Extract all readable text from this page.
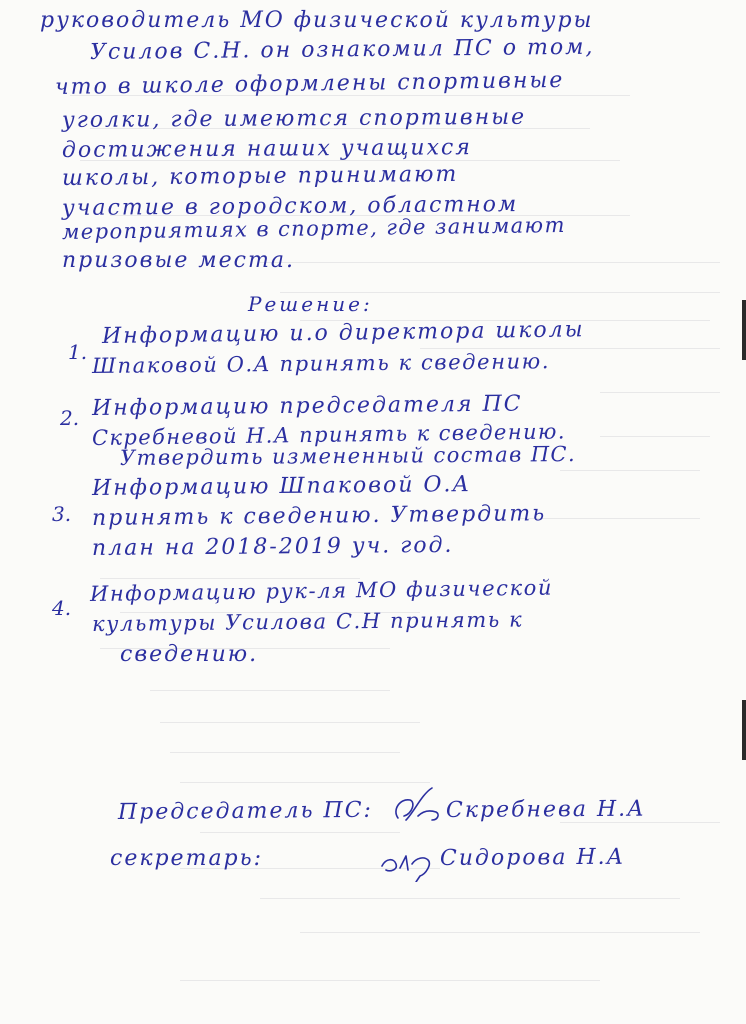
руководитель МО физической культуры

Усилов С.Н. он ознакомил ПС о том,

что в школе оформлены спортивные

уголки, где имеются спортивные

достижения наших учащихся

школы, которые принимают

участие в городском, областном

мероприятиях в спорте, где занимают

призовые места.

Решение:

1.

Информацию и.о директора школы

Шпаковой О.А принять к сведению.

2. Информацию председателя ПС

Скребневой Н.А принять к сведению.

Утвердить измененный состав ПС.

3.

Информацию Шпаковой О.А

принять к сведению. Утвердить

план на 2018-2019 уч. год.

4.

Информацию рук-ля МО физической

культуры Усилова С.Н принять к

сведению.

Председатель ПС:	Скребнева Н.А

секретарь:	Сидорова Н.А
